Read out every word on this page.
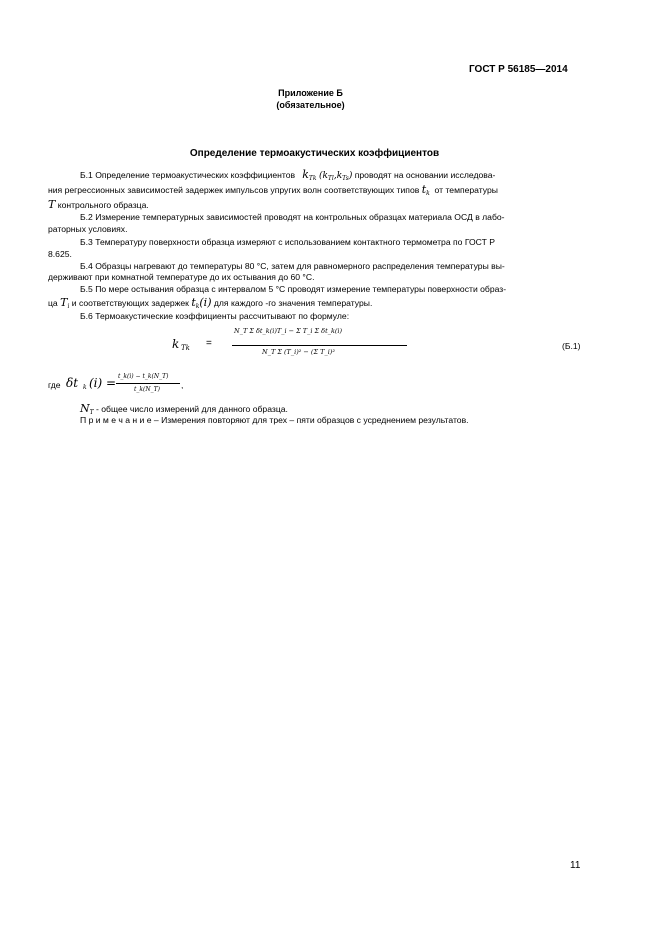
ГОСТ Р 56185—2014
Приложение Б
(обязательное)
Определение термоакустических коэффициентов
Б.1 Определение термоакустических коэффициентов $k_{Tk}$ $(k_{Tl},k_{Ts})$ проводят на основании исследова-
ния регрессионных зависимостей задержек импульсов упругих волн соответствующих типов $t_k$ от температуры
T контрольного образца.
Б.2 Измерение температурных зависимостей проводят на контрольных образцах материала ОСД в лабо-
раторных условиях.
Б.3 Температуру поверхности образца измеряют с использованием контактного термометра по ГОСТ Р
8.625.
Б.4 Образцы нагревают до температуры 80 °С, затем для равномерного распределения температуры вы-
держивают при комнатной температуре до их остывания до 60 °С.
Б.5 По мере остывания образца с интервалом 5 °С проводят измерение температуры поверхности образ-
ца $T_i$ и соответствующих задержек $t_k(i)$ для каждого -го значения температуры.
Б.6 Термоакустические коэффициенты рассчитывают по формуле:
k Tk =
N_T Σ δt_k(i)T_i − Σ T_i Σ δt_k(i)
N_T Σ (T_i)² − (Σ T_i)²
(Б.1)
где δt k (i) = t_k(i) − t_k(N_T)
t_k(N_T) ,
$N_T$ - общее число измерений для данного образца.
П р и м е ч а н и е – Измерения повторяют для трех – пяти образцов с усреднением результатов.
11
